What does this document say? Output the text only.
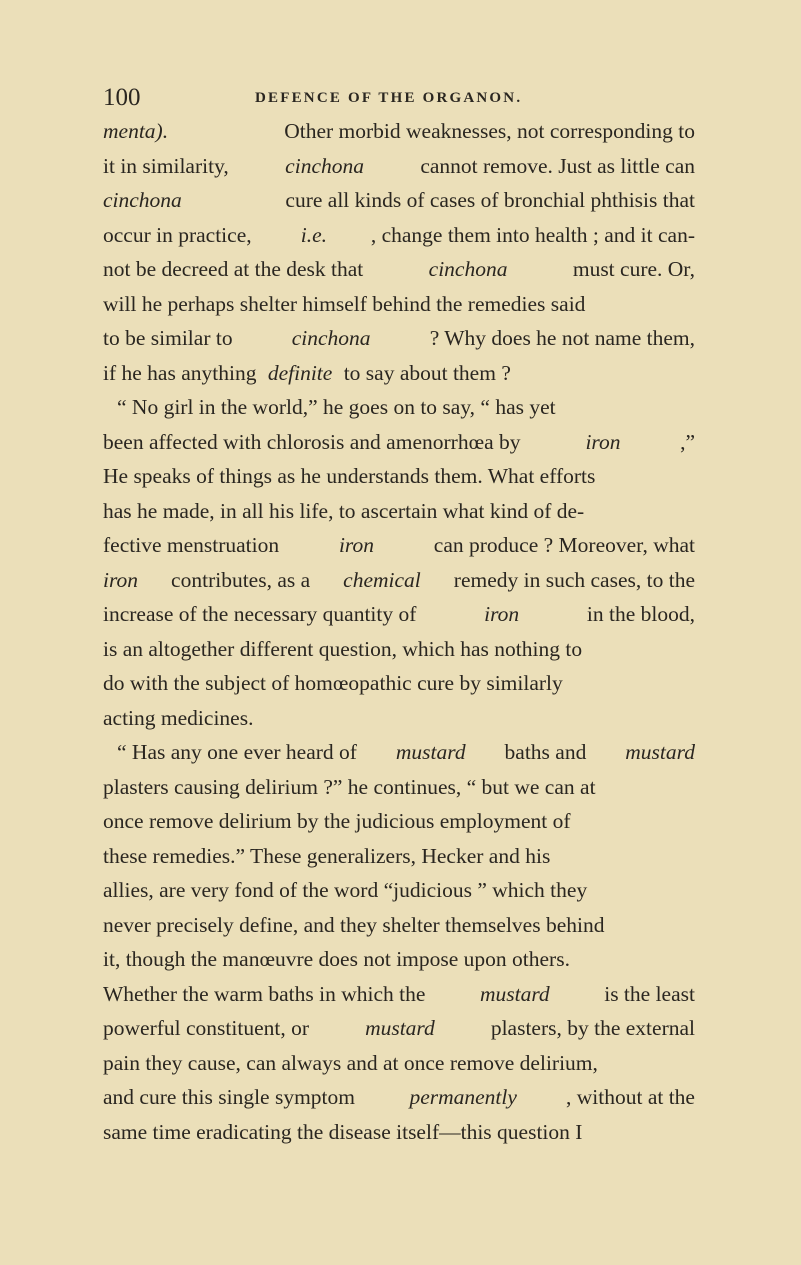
100	DEFENCE OF THE ORGANON.
menta).	Other morbid weaknesses, not corresponding to
it in similarity, cinchona cannot remove. Just as little can
cinchona	cure all kinds of cases of bronchial phthisis that
occur in practice, i.e. , change them into health ; and it can-
not be decreed at the desk that	cinchona	must cure. Or,
will he perhaps shelter himself behind the remedies said
to be similar to	cinchona	? Why does he not name them,
if he has anything definite to say about them ?
“ No girl in the world,” he goes on to say, “ has yet
been affected with chlorosis and amenorrhœa by	iron	,”
He speaks of things as he understands them. What efforts
has he made, in all his life, to ascertain what kind of de-
fective menstruation	iron	can produce ? Moreover, what
iron contributes, as a chemical remedy in such cases, to the
increase of the necessary quantity of	iron	in the blood,
is an altogether different question, which has nothing to
do with the subject of homœopathic cure by similarly
acting medicines.
“ Has any one ever heard of mustard baths and mustard
plasters causing delirium ?” he continues, “ but we can at
once remove delirium by the judicious employment of
these remedies.” These generalizers, Hecker and his
allies, are very fond of the word “judicious ” which they
never precisely define, and they shelter themselves behind
it, though the manœuvre does not impose upon others.
Whether the warm baths in which the mustard is the least
powerful constituent, or mustard plasters, by the external
pain they cause, can always and at once remove delirium,
and cure this single symptom permanently , without at the
same time eradicating the disease itself—this question I
